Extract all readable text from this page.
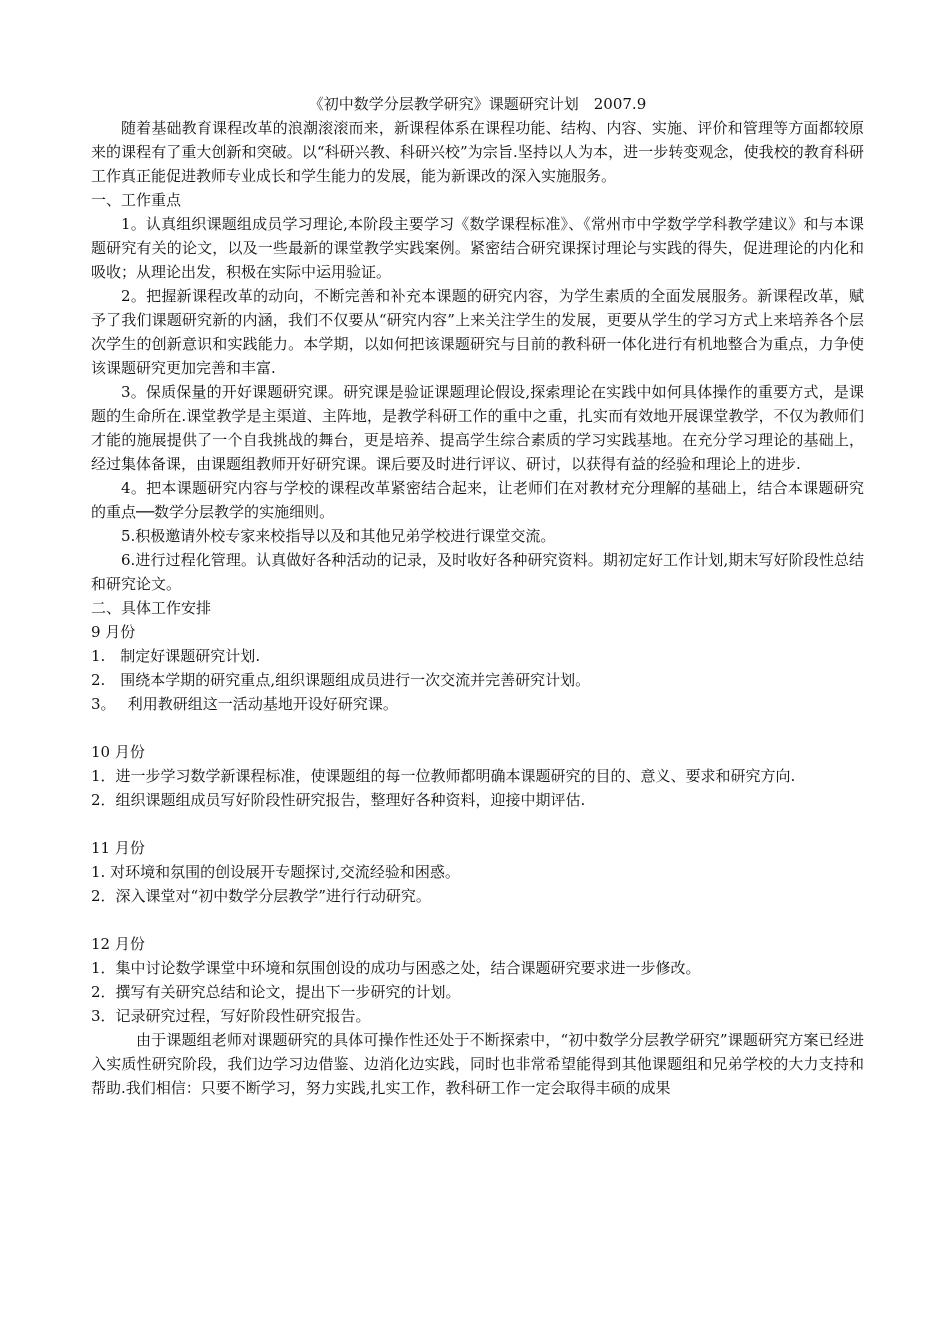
《初中数学分层教学研究》课题研究计划　2007.9

随着基础教育课程改革的浪潮滚滚而来，新课程体系在课程功能、结构、内容、实施、评价和管理等方面都较原来的课程有了重大创新和突破。以“科研兴教、科研兴校”为宗旨.坚持以人为本，进一步转变观念，使我校的教育科研工作真正能促进教师专业成长和学生能力的发展，能为新课改的深入实施服务。

一、工作重点

1。认真组织课题组成员学习理论,本阶段主要学习《数学课程标准》、《常州市中学数学学科教学建议》和与本课题研究有关的论文，以及一些最新的课堂教学实践案例。紧密结合研究课探讨理论与实践的得失，促进理论的内化和吸收；从理论出发，积极在实际中运用验证。

2。把握新课程改革的动向，不断完善和补充本课题的研究内容，为学生素质的全面发展服务。新课程改革，赋予了我们课题研究新的内涵，我们不仅要从“研究内容”上来关注学生的发展，更要从学生的学习方式上来培养各个层次学生的创新意识和实践能力。本学期，以如何把该课题研究与目前的教科研一体化进行有机地整合为重点，力争使该课题研究更加完善和丰富.

3。保质保量的开好课题研究课。研究课是验证课题理论假设,探索理论在实践中如何具体操作的重要方式，是课题的生命所在.课堂教学是主渠道、主阵地，是教学科研工作的重中之重，扎实而有效地开展课堂教学，不仅为教师们才能的施展提供了一个自我挑战的舞台，更是培养、提高学生综合素质的学习实践基地。在充分学习理论的基础上，经过集体备课，由课题组教师开好研究课。课后要及时进行评议、研讨，以获得有益的经验和理论上的进步.

4。把本课题研究内容与学校的课程改革紧密结合起来，让老师们在对教材充分理解的基础上，结合本课题研究的重点──数学分层教学的实施细则。

5.积极邀请外校专家来校指导以及和其他兄弟学校进行课堂交流。

6.进行过程化管理。认真做好各种活动的记录，及时收好各种研究资料。期初定好工作计划,期末写好阶段性总结和研究论文。

二、具体工作安排

9 月份

1.　制定好课题研究计划.

2.　围绕本学期的研究重点,组织课题组成员进行一次交流并完善研究计划。

3。　 利用教研组这一活动基地开设好研究课。

10 月份

1．进一步学习数学新课程标准，使课题组的每一位教师都明确本课题研究的目的、意义、要求和研究方向.

2．组织课题组成员写好阶段性研究报告，整理好各种资料，迎接中期评估.

11 月份

1. 对环境和氛围的创设展开专题探讨,交流经验和困惑。

2．深入课堂对“初中数学分层教学”进行行动研究。

12 月份

1．集中讨论数学课堂中环境和氛围创设的成功与困惑之处，结合课题研究要求进一步修改。

2．撰写有关研究总结和论文，提出下一步研究的计划。

3．记录研究过程，写好阶段性研究报告。

由于课题组老师对课题研究的具体可操作性还处于不断探索中，“初中数学分层教学研究”课题研究方案已经进入实质性研究阶段，我们边学习边借鉴、边消化边实践，同时也非常希望能得到其他课题组和兄弟学校的大力支持和帮助.我们相信：只要不断学习，努力实践,扎实工作，教科研工作一定会取得丰硕的成果
